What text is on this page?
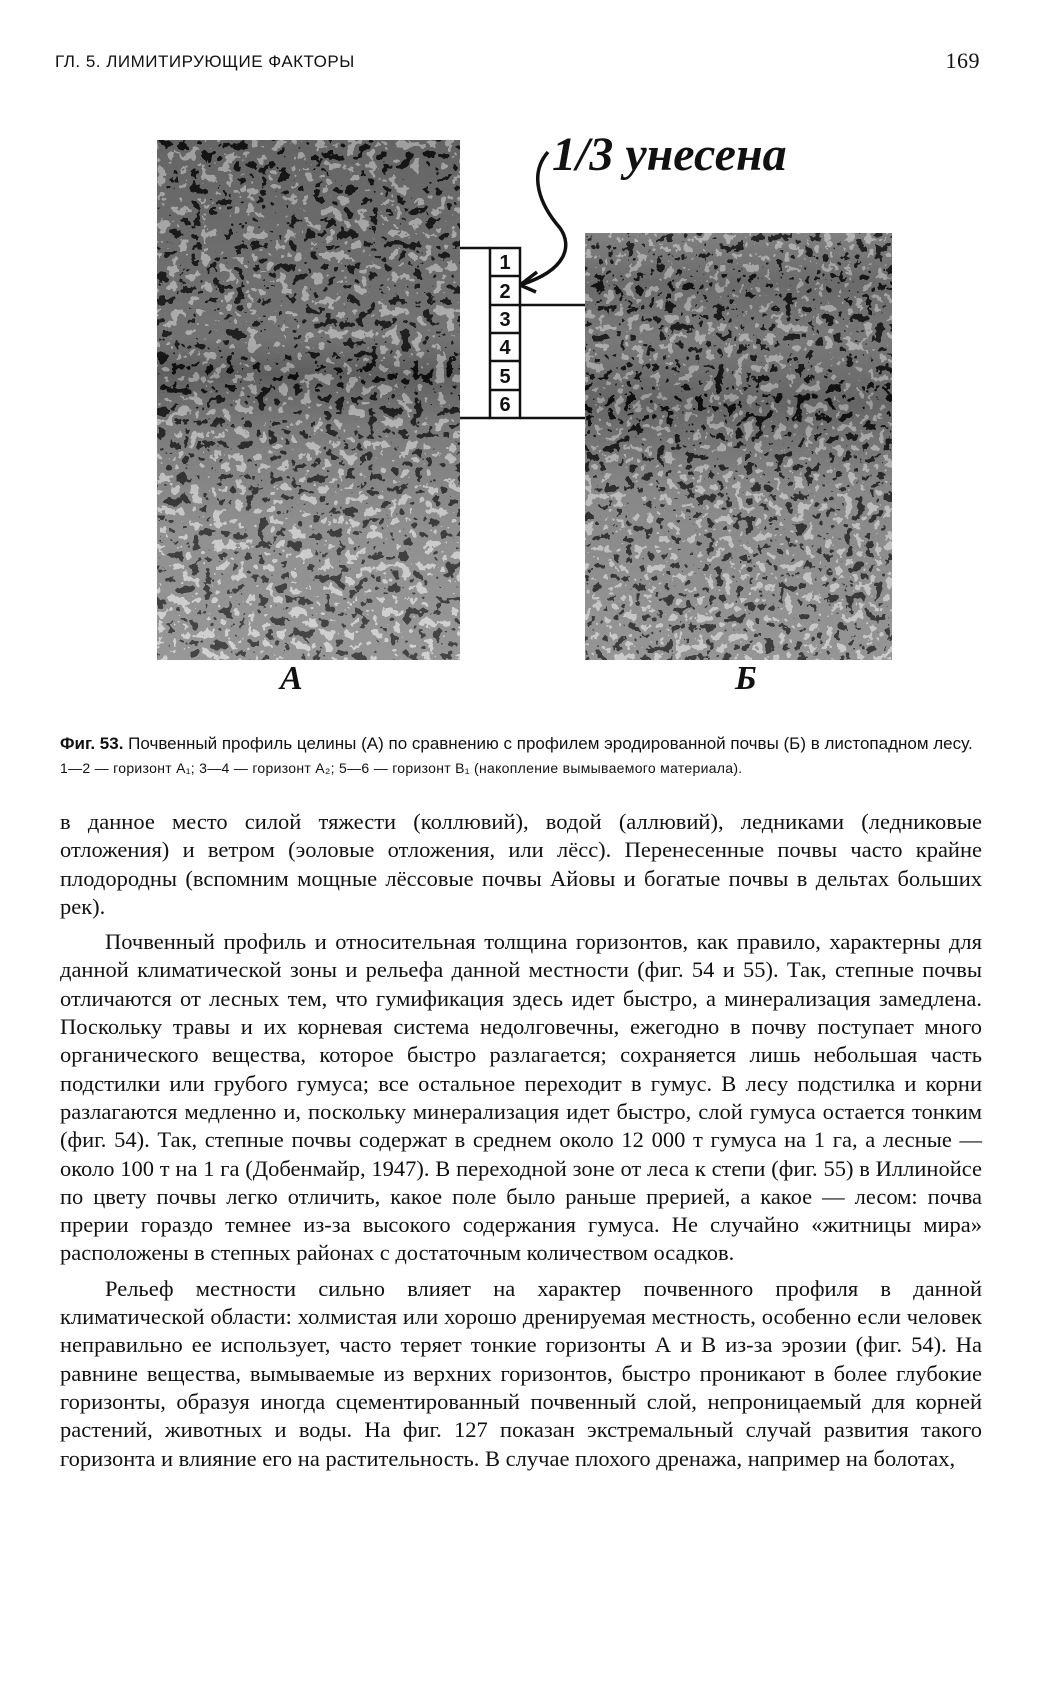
ГЛ. 5. ЛИМИТИРУЮЩИЕ ФАКТОРЫ	169
1
2
3
4
5
6
1/3 унесена
А	Б
Фиг. 53. Почвенный профиль целины (А) по сравнению с профилем эродированной почвы (Б) в листопадном лесу.
1—2 — горизонт A₁; 3—4 — горизонт A₂; 5—6 — горизонт B₁ (накопление вымываемого материала).

в данное место силой тяжести (коллювий), водой (аллювий), ледниками (ледниковые отложения) и ветром (эоловые отложения, или лёсс). Перенесенные почвы часто крайне плодородны (вспомним мощные лёссовые почвы Айовы и богатые почвы в дельтах больших рек).

Почвенный профиль и относительная толщина горизонтов, как правило, характерны для данной климатической зоны и рельефа данной местности (фиг. 54 и 55). Так, степные почвы отличаются от лесных тем, что гумификация здесь идет быстро, а минерализация замедлена. Поскольку травы и их корневая система недолговечны, ежегодно в почву поступает много органического вещества, которое быстро разлагается; сохраняется лишь небольшая часть подстилки или грубого гумуса; все остальное переходит в гумус. В лесу подстилка и корни разлагаются медленно и, поскольку минерализация идет быстро, слой гумуса остается тонким (фиг. 54). Так, степные почвы содержат в среднем около 12 000 т гумуса на 1 га, а лесные — около 100 т на 1 га (Добенмайр, 1947). В переходной зоне от леса к степи (фиг. 55) в Иллинойсе по цвету почвы легко отличить, какое поле было раньше прерией, а какое — лесом: почва прерии гораздо темнее из-за высокого содержания гумуса. Не случайно «житницы мира» расположены в степных районах с достаточным количеством осадков.

Рельеф местности сильно влияет на характер почвенного профиля в данной климатической области: холмистая или хорошо дренируемая местность, особенно если человек неправильно ее использует, часто теряет тонкие горизонты А и В из-за эрозии (фиг. 54). На равнине вещества, вымываемые из верхних горизонтов, быстро проникают в более глубокие горизонты, образуя иногда сцементированный почвенный слой, непроницаемый для корней растений, животных и воды. На фиг. 127 показан экстремальный случай развития такого горизонта и влияние его на растительность. В случае плохого дренажа, например на болотах,
